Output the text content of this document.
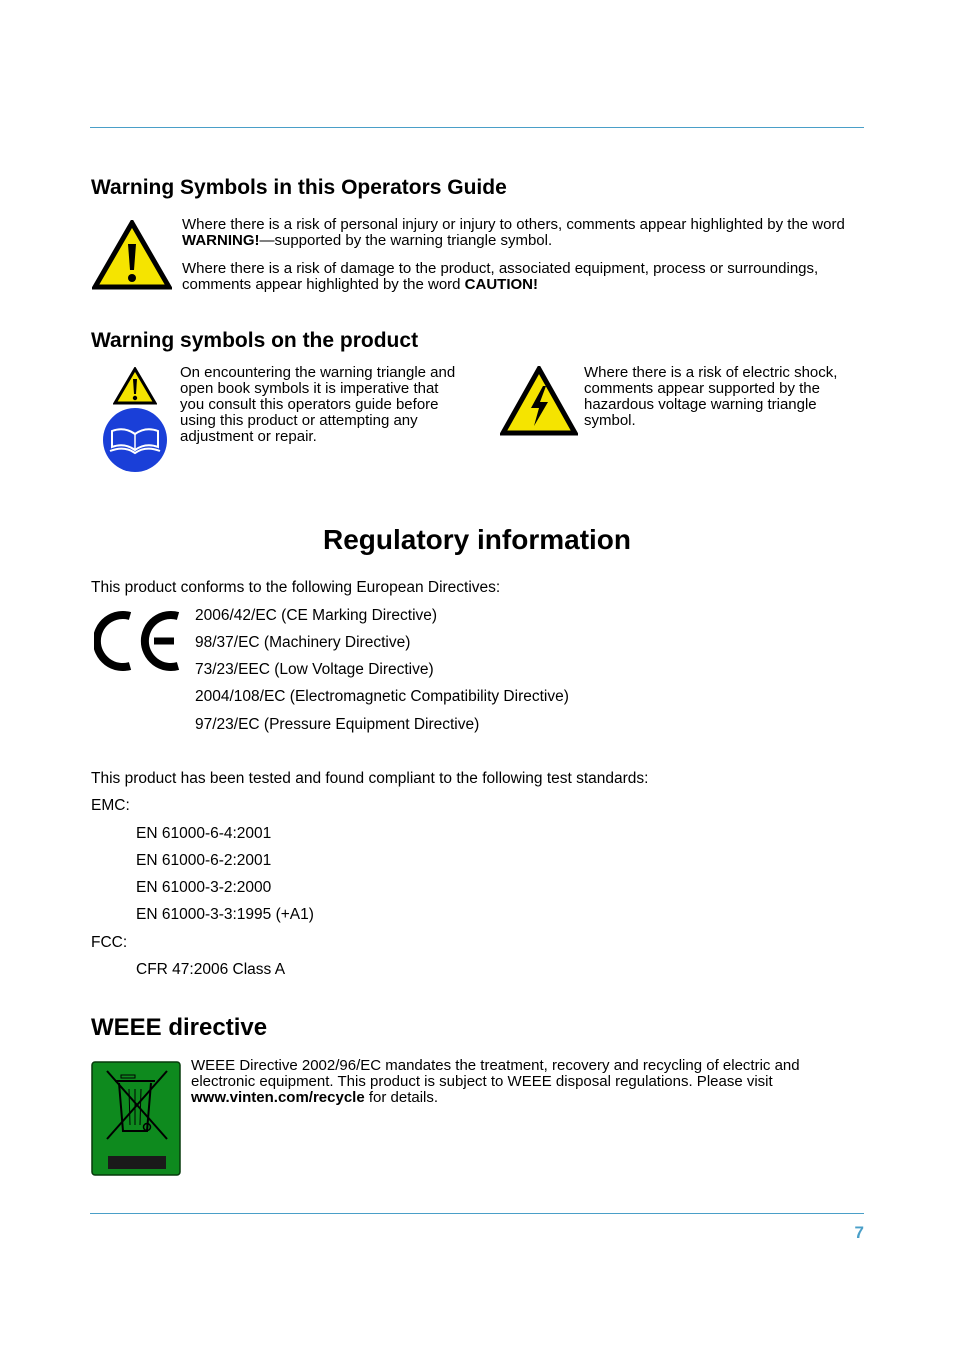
Warning Symbols in this Operators Guide

Where there is a risk of personal injury or injury to others, comments appear highlighted by the word WARNING!—supported by the warning triangle symbol.

Where there is a risk of damage to the product, associated equipment, process or surroundings, comments appear highlighted by the word CAUTION!

Warning symbols on the product

On encountering the warning triangle and open book symbols it is imperative that you consult this operators guide before using this product or attempting any adjustment or repair.

Where there is a risk of electric shock, comments appear supported by the hazardous voltage warning triangle symbol.

Regulatory information
This product conforms to the following European Directives:
2006/42/EC (CE Marking Directive)
98/37/EC (Machinery Directive)
73/23/EEC (Low Voltage Directive)
2004/108/EC (Electromagnetic Compatibility Directive)
97/23/EC (Pressure Equipment Directive)
This product has been tested and found compliant to the following test standards:
EMC:
EN 61000-6-4:2001
EN 61000-6-2:2001
EN 61000-3-2:2000
EN 61000-3-3:1995 (+A1)
FCC:
CFR 47:2006 Class A
WEEE directive

WEEE Directive 2002/96/EC mandates the treatment, recovery and recycling of electric and electronic equipment. This product is subject to WEEE disposal regulations. Please visit www.vinten.com/recycle for details.

7
